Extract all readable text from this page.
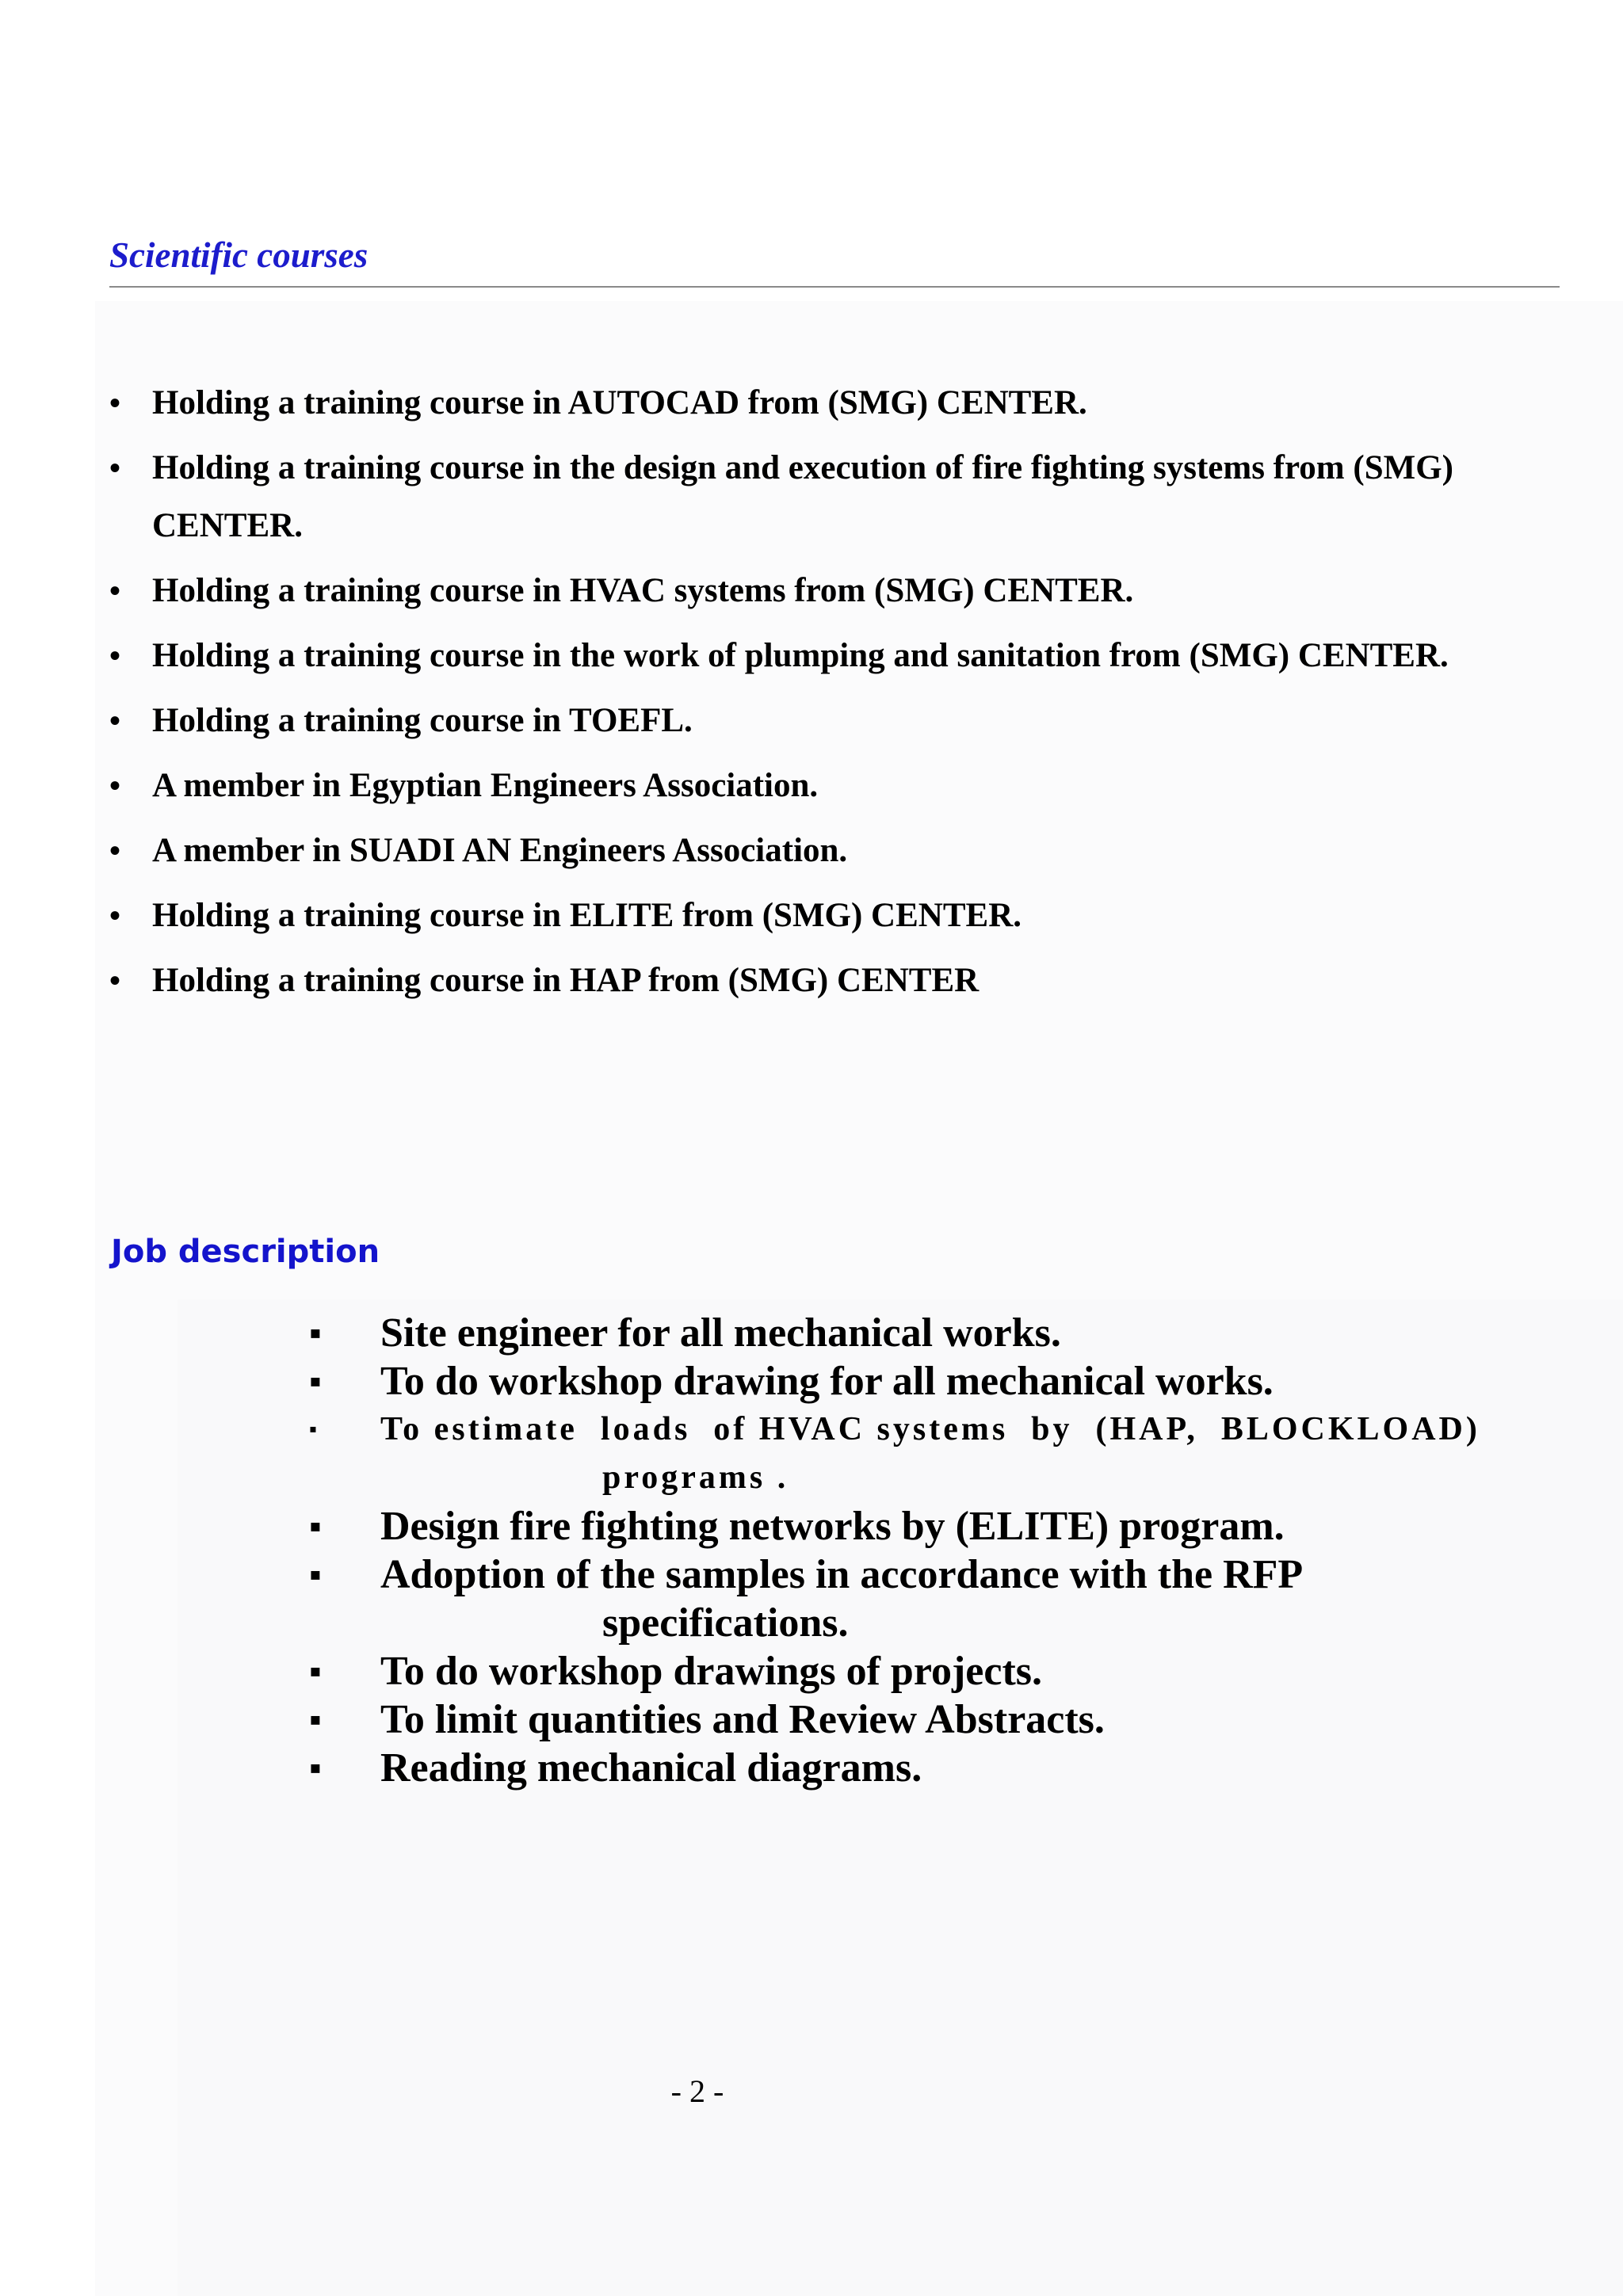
Scientific courses
• Holding a training course in AUTOCAD from (SMG) CENTER.
• Holding a training course in the design and execution of fire fighting systems from (SMG) CENTER.
• Holding a training course in HVAC systems from (SMG) CENTER.
• Holding a training course in the work of plumping and sanitation from (SMG) CENTER.
• Holding a training course in TOEFL.
• A member in Egyptian Engineers Association.
• A member in SUADI AN Engineers Association.
• Holding a training course in ELITE from (SMG) CENTER.
• Holding a training course in HAP from (SMG) CENTER
Job description
▪	Site engineer for all mechanical works.
▪	To do workshop drawing for all mechanical works.
▪	To estimate  loads  of HVAC systems  by  (HAP,  BLOCKLOAD)
programs .
▪	Design fire fighting networks by (ELITE) program.
▪	Adoption of the samples in accordance with the RFP
specifications.
▪	To do workshop drawings of projects.
▪	To limit quantities and Review Abstracts.
▪	Reading mechanical diagrams.
- 2 -
